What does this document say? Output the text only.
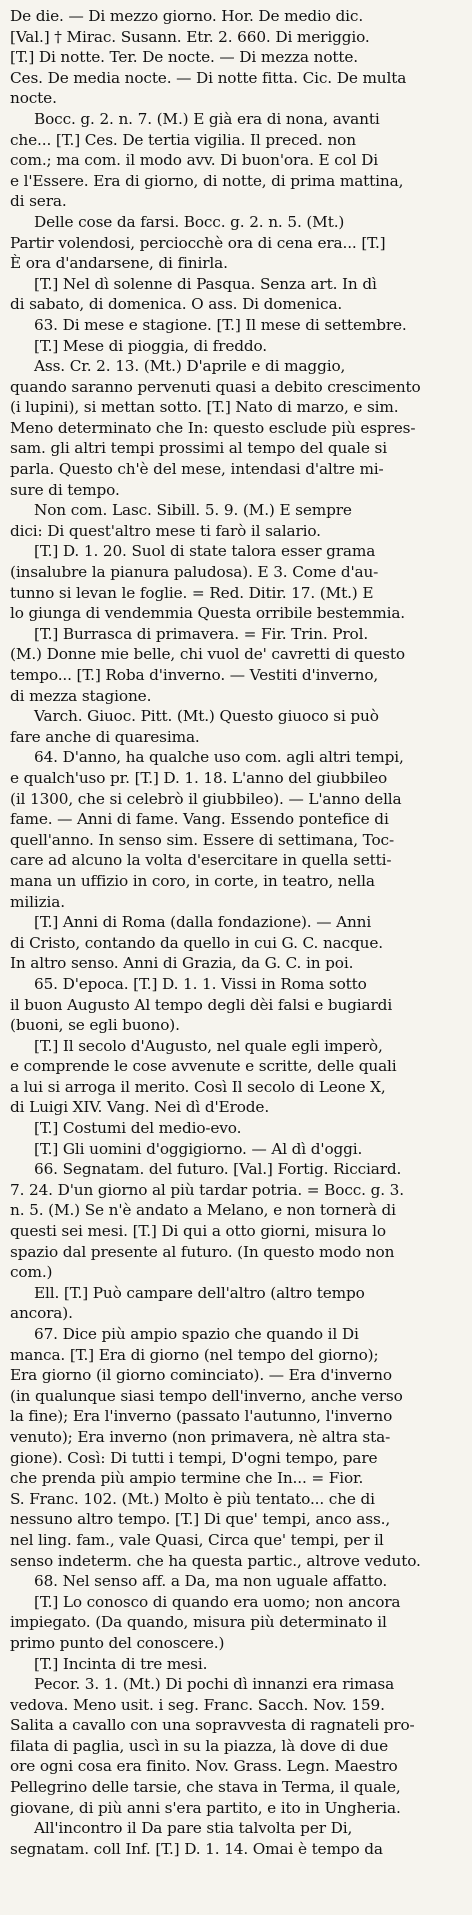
De die. — Di mezzo giorno. Hor. De medio dic.
[Val.] † Mirac. Susann. Etr. 2. 660. Di meriggio.
[T.] Di notte. Ter. De nocte. — Di mezza notte.
Ces. De media nocte. — Di notte fitta. Cic. De multa
nocte.
Bocc. g. 2. n. 7. (M.) E già era di nona, avanti
che... [T.] Ces. De tertia vigilia. Il preced. non
com.; ma com. il modo avv. Di buon'ora. E col Di
e l'Essere. Era di giorno, di notte, di prima mattina,
di sera.
Delle cose da farsi. Bocc. g. 2. n. 5. (Mt.)
Partir volendosi, perciocchè ora di cena era... [T.]
È ora d'andarsene, di finirla.
[T.] Nel dì solenne di Pasqua. Senza art. In dì
di sabato, di domenica. O ass. Di domenica.
63. Di mese e stagione. [T.] Il mese di settembre.
[T.] Mese di pioggia, di freddo.
Ass. Cr. 2. 13. (Mt.) D'aprile e di maggio,
quando saranno pervenuti quasi a debito crescimento
(i lupini), si mettan sotto. [T.] Nato di marzo, e sim.
Meno determinato che In: questo esclude più espres-
sam. gli altri tempi prossimi al tempo del quale si
parla. Questo ch'è del mese, intendasi d'altre mi-
sure di tempo.
Non com. Lasc. Sibill. 5. 9. (M.) E sempre
dici: Di quest'altro mese ti farò il salario.
[T.] D. 1. 20. Suol di state talora esser grama
(insalubre la pianura paludosa). E 3. Come d'au-
tunno si levan le foglie. = Red. Ditir. 17. (Mt.) E
lo giunga di vendemmia Questa orribile bestemmia.
[T.] Burrasca di primavera. = Fir. Trin. Prol.
(M.) Donne mie belle, chi vuol de' cavretti di questo
tempo... [T.] Roba d'inverno. — Vestiti d'inverno,
di mezza stagione.
Varch. Giuoc. Pitt. (Mt.) Questo giuoco si può
fare anche di quaresima.
64. D'anno, ha qualche uso com. agli altri tempi,
e qualch'uso pr. [T.] D. 1. 18. L'anno del giubbileo
(il 1300, che si celebrò il giubbileo). — L'anno della
fame. — Anni di fame. Vang. Essendo pontefice di
quell'anno. In senso sim. Essere di settimana, Toc-
care ad alcuno la volta d'esercitare in quella setti-
mana un uffizio in coro, in corte, in teatro, nella
milizia.
[T.] Anni di Roma (dalla fondazione). — Anni
di Cristo, contando da quello in cui G. C. nacque.
In altro senso. Anni di Grazia, da G. C. in poi.
65. D'epoca. [T.] D. 1. 1. Vissi in Roma sotto
il buon Augusto Al tempo degli dèi falsi e bugiardi
(buoni, se egli buono).
[T.] Il secolo d'Augusto, nel quale egli imperò,
e comprende le cose avvenute e scritte, delle quali
a lui si arroga il merito. Così Il secolo di Leone X,
di Luigi XIV. Vang. Nei dì d'Erode.
[T.] Costumi del medio-evo.
[T.] Gli uomini d'oggigiorno. — Al dì d'oggi.
66. Segnatam. del futuro. [Val.] Fortig. Ricciard.
7. 24. D'un giorno al più tardar potria. = Bocc. g. 3.
n. 5. (M.) Se n'è andato a Melano, e non tornerà di
questi sei mesi. [T.] Di qui a otto giorni, misura lo
spazio dal presente al futuro. (In questo modo non
com.)
Ell. [T.] Può campare dell'altro (altro tempo
ancora).
67. Dice più ampio spazio che quando il Di
manca. [T.] Era di giorno (nel tempo del giorno);
Era giorno (il giorno cominciato). — Era d'inverno
(in qualunque siasi tempo dell'inverno, anche verso
la fine); Era l'inverno (passato l'autunno, l'inverno
venuto); Era inverno (non primavera, nè altra sta-
gione). Così: Di tutti i tempi, D'ogni tempo, pare
che prenda più ampio termine che In... = Fior.
S. Franc. 102. (Mt.) Molto è più tentato... che di
nessuno altro tempo. [T.] Di que' tempi, anco ass.,
nel ling. fam., vale Quasi, Circa que' tempi, per il
senso indeterm. che ha questa partic., altrove veduto.
68. Nel senso aff. a Da, ma non uguale affatto.
[T.] Lo conosco di quando era uomo; non ancora
impiegato. (Da quando, misura più determinato il
primo punto del conoscere.)
[T.] Incinta di tre mesi.
Pecor. 3. 1. (Mt.) Di pochi dì innanzi era rimasa
vedova. Meno usit. i seg. Franc. Sacch. Nov. 159.
Salita a cavallo con una sopravvesta di ragnateli pro-
filata di paglia, uscì in su la piazza, là dove di due
ore ogni cosa era finito. Nov. Grass. Legn. Maestro
Pellegrino delle tarsie, che stava in Terma, il quale,
giovane, di più anni s'era partito, e ito in Ungheria.
All'incontro il Da pare stia talvolta per Di,
segnatam. coll Inf. [T.] D. 1. 14. Omai è tempo da
